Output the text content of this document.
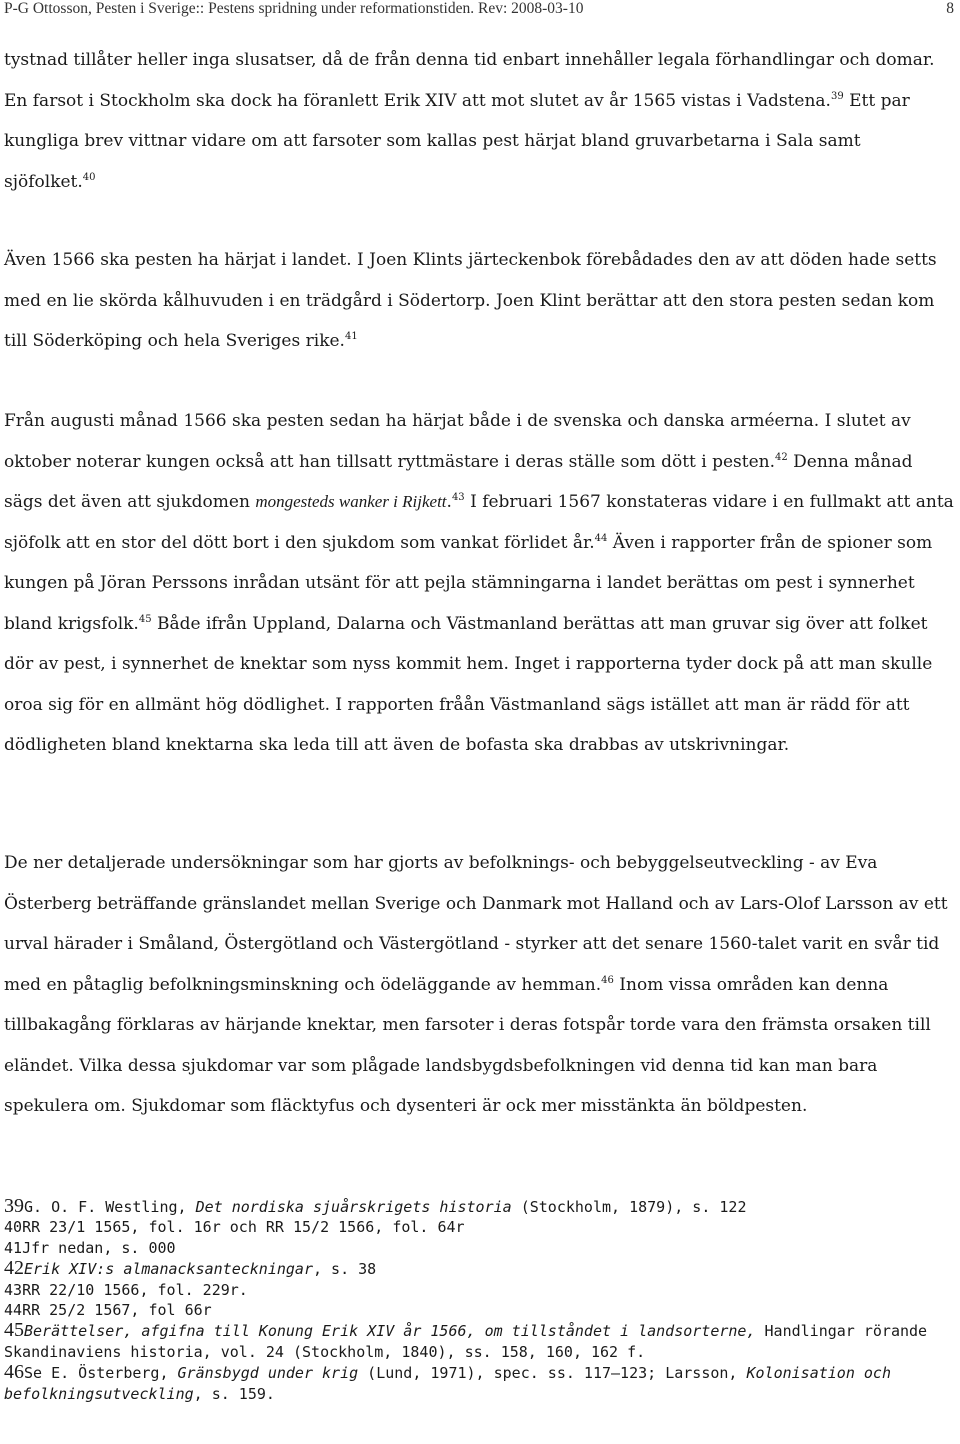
P-G Ottosson, Pesten i Sverige:: Pestens spridning under reformationstiden. Rev: 2008-03-10	8

tystnad tillåter heller inga slusatser, då de från denna tid enbart innehåller legala förhandlingar och domar. En farsot i Stockholm ska dock ha föranlett Erik XIV att mot slutet av år 1565 vistas i Vadstena.$^{39}$ Ett par kungliga brev vittnar vidare om att farsoter som kallas pest härjat bland gruvarbetarna i Sala samt sjöfolket.$^{40}$

Även 1566 ska pesten ha härjat i landet. I Joen Klints järteckenbok förebådades den av att döden hade setts med en lie skörda kålhuvuden i en trädgård i Södertorp. Joen Klint berättar att den stora pesten sedan kom till Söderköping och hela Sveriges rike.$^{41}$

Från augusti månad 1566 ska pesten sedan ha härjat både i de svenska och danska arméerna. I slutet av oktober noterar kungen också att han tillsatt ryttmästare i deras ställe som dött i pesten.$^{42}$ Denna månad sägs det även att sjukdomen mongesteds wanker i Rijkett.$^{43}$ I februari 1567 konstateras vidare i en fullmakt att anta sjöfolk att en stor del dött bort i den sjukdom som vankat förlidet år.$^{44}$ Även i rapporter från de spioner som kungen på Jöran Perssons inrådan utsänt för att pejla stämningarna i landet berättas om pest i synnerhet bland krigsfolk.$^{45}$ Både ifrån Uppland, Dalarna och Västmanland berättas att man gruvar sig över att folket dör av pest, i synnerhet de knektar som nyss kommit hem. Inget i rapporterna tyder dock på att man skulle oroa sig för en allmänt hög dödlighet. I rapporten fråån Västmanland sägs istället att man är rädd för att dödligheten bland knektarna ska leda till att även de bofasta ska drabbas av utskrivningar.

De ner detaljerade undersökningar som har gjorts av befolknings- och bebyggelseutveckling - av Eva Österberg beträffande gränslandet mellan Sverige och Danmark mot Halland och av Lars-Olof Larsson av ett urval härader i Småland, Östergötland och Västergötland - styrker att det senare 1560-talet varit en svår tid med en påtaglig befolkningsminskning och ödeläggande av hemman.$^{46}$ Inom vissa områden kan denna tillbakagång förklaras av härjande knektar, men farsoter i deras fotspår torde vara den främsta orsaken till eländet. Vilka dessa sjukdomar var som plågade landsbygdsbefolkningen vid denna tid kan man bara spekulera om. Sjukdomar som fläcktyfus och dysenteri är ock mer misstänkta än böldpesten.

39G. O. F. Westling, Det nordiska sjuårskrigets historia (Stockholm, 1879), s. 122

40RR 23/1 1565, fol. 16r och RR 15/2 1566, fol. 64r

41Jfr nedan, s. 000

42Erik XIV:s almanacksanteckningar, s. 38

43RR 22/10 1566, fol. 229r.

44RR 25/2 1567, fol 66r

45Berättelser, afgifna till Konung Erik XIV år 1566, om tillståndet i landsorterne, Handlingar rörande Skandinaviens historia, vol. 24 (Stockholm, 1840), ss. 158, 160, 162 f.

46Se E. Österberg, Gränsbygd under krig (Lund, 1971), spec. ss. 117–123; Larsson, Kolonisation och befolkningsutveckling, s. 159.
